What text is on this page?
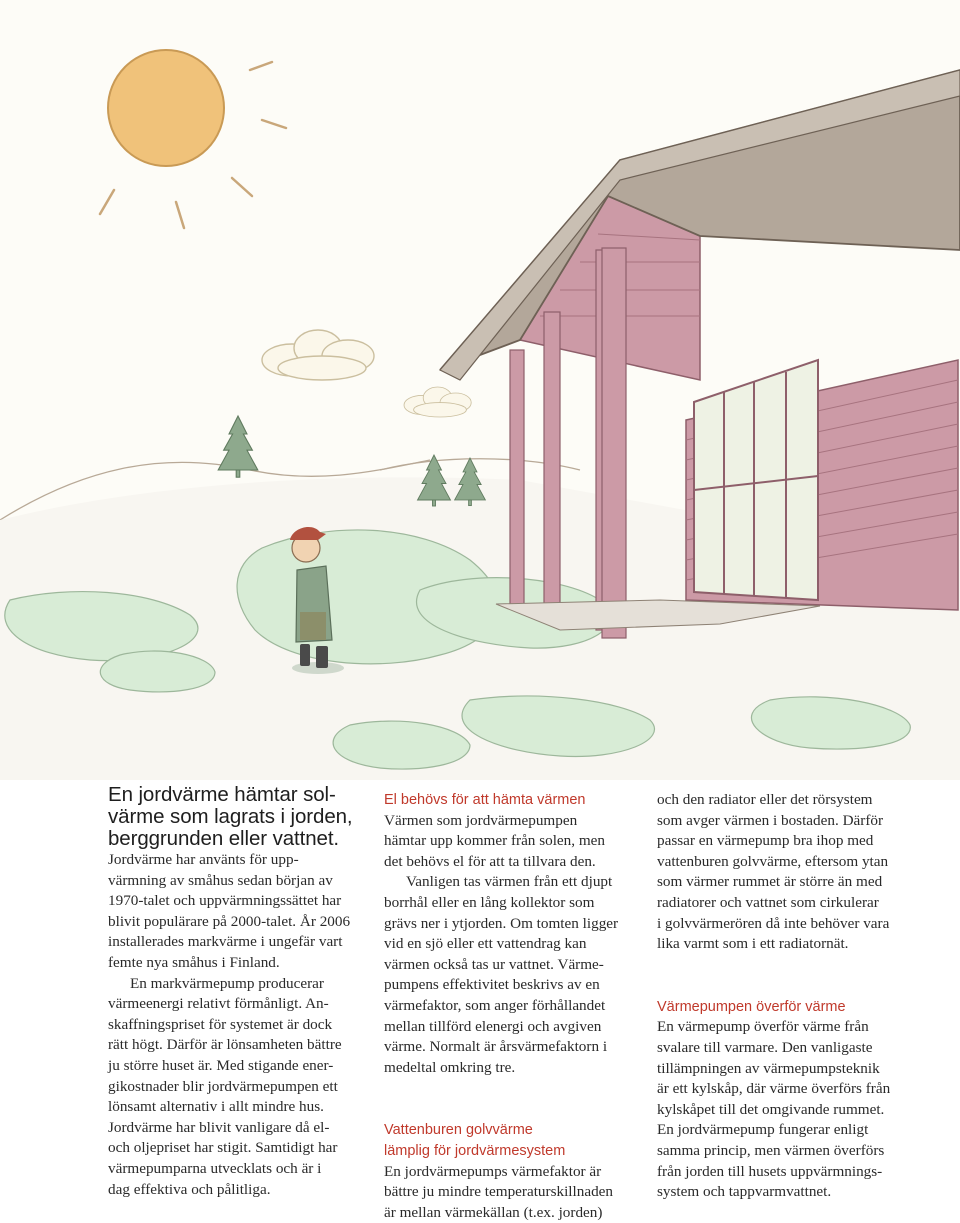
En jordvärme hämtar sol-
värme som lagrats i jorden,
berggrunden eller vattnet.

Jordvärme har använts för upp-
värmning av småhus sedan början av
1970-talet och uppvärmningssättet har
blivit populärare på 2000-talet. År 2006
installerades markvärme i ungefär vart
femte nya småhus i Finland.

En markvärmepump producerar
värmeenergi relativt förmånligt. An-
skaffningspriset för systemet är dock
rätt högt. Därför är lönsamheten bättre
ju större huset är. Med stigande ener-
gikostnader blir jordvärmepumpen ett
lönsamt alternativ i allt mindre hus.
Jordvärme har blivit vanligare då el-
och oljepriset har stigit. Samtidigt har
värmepumparna utvecklats och är i
dag effektiva och pålitliga.

El behövs för att hämta värmen

Värmen som jordvärmepumpen
hämtar upp kommer från solen, men
det behövs el för att ta tillvara den.

Vanligen tas värmen från ett djupt
borrhål eller en lång kollektor som
grävs ner i ytjorden. Om tomten ligger
vid en sjö eller ett vattendrag kan
värmen också tas ur vattnet. Värme-
pumpens effektivitet beskrivs av en
värmefaktor, som anger förhållandet
mellan tillförd elenergi och avgiven
värme. Normalt är årsvärmefaktorn i
medeltal omkring tre.

Vattenburen golvvärme
lämplig för jordvärmesystem

En jordvärmepumps värmefaktor är
bättre ju mindre temperaturskillnaden
är mellan värmekällan (t.ex. jorden)

och den radiator eller det rörsystem
som avger värmen i bostaden. Därför
passar en värmepump bra ihop med
vattenburen golvvärme, eftersom ytan
som värmer rummet är större än med
radiatorer och vattnet som cirkulerar
i golvvärmerören då inte behöver vara
lika varmt som i ett radiatornät.

Värmepumpen överför värme

En värmepump överför värme från
svalare till varmare. Den vanligaste
tillämpningen av värmepumpsteknik
är ett kylskåp, där värme överförs från
kylskåpet till det omgivande rummet.
En jordvärmepump fungerar enligt
samma princip, men värmen överförs
från jorden till husets uppvärmnings-
system och tappvarmvattnet.
